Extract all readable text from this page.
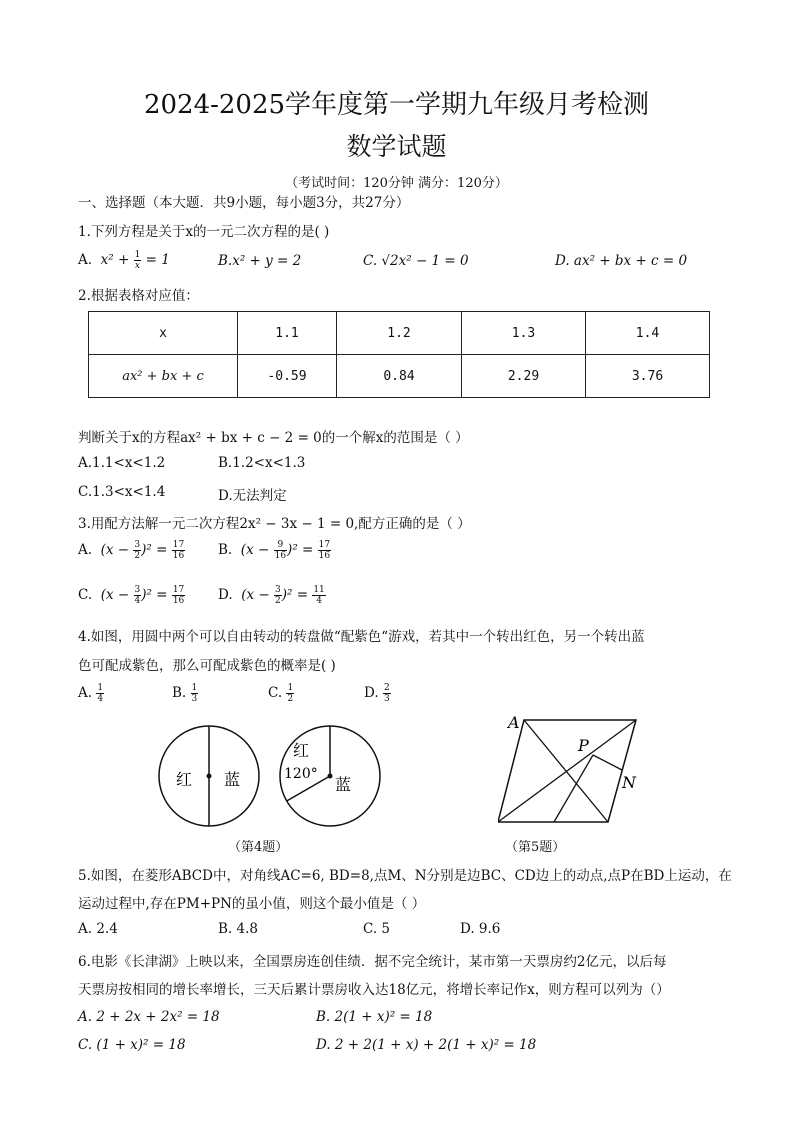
2024-2025学年度第一学期九年级月考检测
数学试题
（考试时间：120分钟 满分：120分）
一、选择题（本大题．共9小题，每小题3分，共27分）
1.下列方程是关于x的一元二次方程的是( )
A.  $x^2 + \frac{1}{x} = 1$	B.x² + y = 2	C. √2x² − 1 = 0	D. ax² + bx + c = 0
2.根据表格对应值：
x	1.1	1.2	1.3	1.4
ax² + bx + c	-0.59	0.84	2.29	3.76
判断关于x的方程ax² + bx + c − 2 = 0的一个解x的范围是（ ）
A.1.1<x<1.2	B.1.2<x<1.3
C.1.3<x<1.4	D.无法判定
3.用配方法解一元二次方程2x² − 3x − 1 = 0,配方正确的是（ ）
A.  $(x - \frac{3}{2} )^2 = \frac{17}{16} B$.  $(x - \frac{9}{16} )^2 = \frac{17}{16}$
C.  $(x - \frac{3}{4} )^2 = \frac{17}{16} D$.  $(x - \frac{3}{2} )^2 = \frac{11}{4}$
4.如图，用圆中两个可以自由转动的转盘做“配紫色“游戏，若其中一个转出红色，另一个转出蓝
色可配成紫色，那么可配成紫色的概率是( )
A. $\frac{1}{4}$	B. $\frac{1}{3}$	C. $\frac{1}{2}$	D. $\frac{2}{3}$
红 蓝
红
120°
蓝
（第4题）
A
P
N
（第5题）
5.如图，在菱形ABCD中，对角线AC=6, BD=8,点M、N分别是边BC、CD边上的动点,点P在BD上运动，在
运动过程中,存在PM+PN的虽小值，则这个最小值是（ ）
A. 2.4	B. 4.8	C. 5	D. 9.6
6.电影《长津湖》上映以来，全国票房连创佳绩．据不完全统计，某市第一天票房约2亿元，以后每
天票房按相同的增长率增长，三天后累计票房收入达18亿元，将增长率记作x，则方程可以列为（）
A. 2 + 2x + 2x² = 18	B. 2(1 + x)² = 18
C. (1 + x)² = 18	D. 2 + 2(1 + x) + 2(1 + x)² = 18
